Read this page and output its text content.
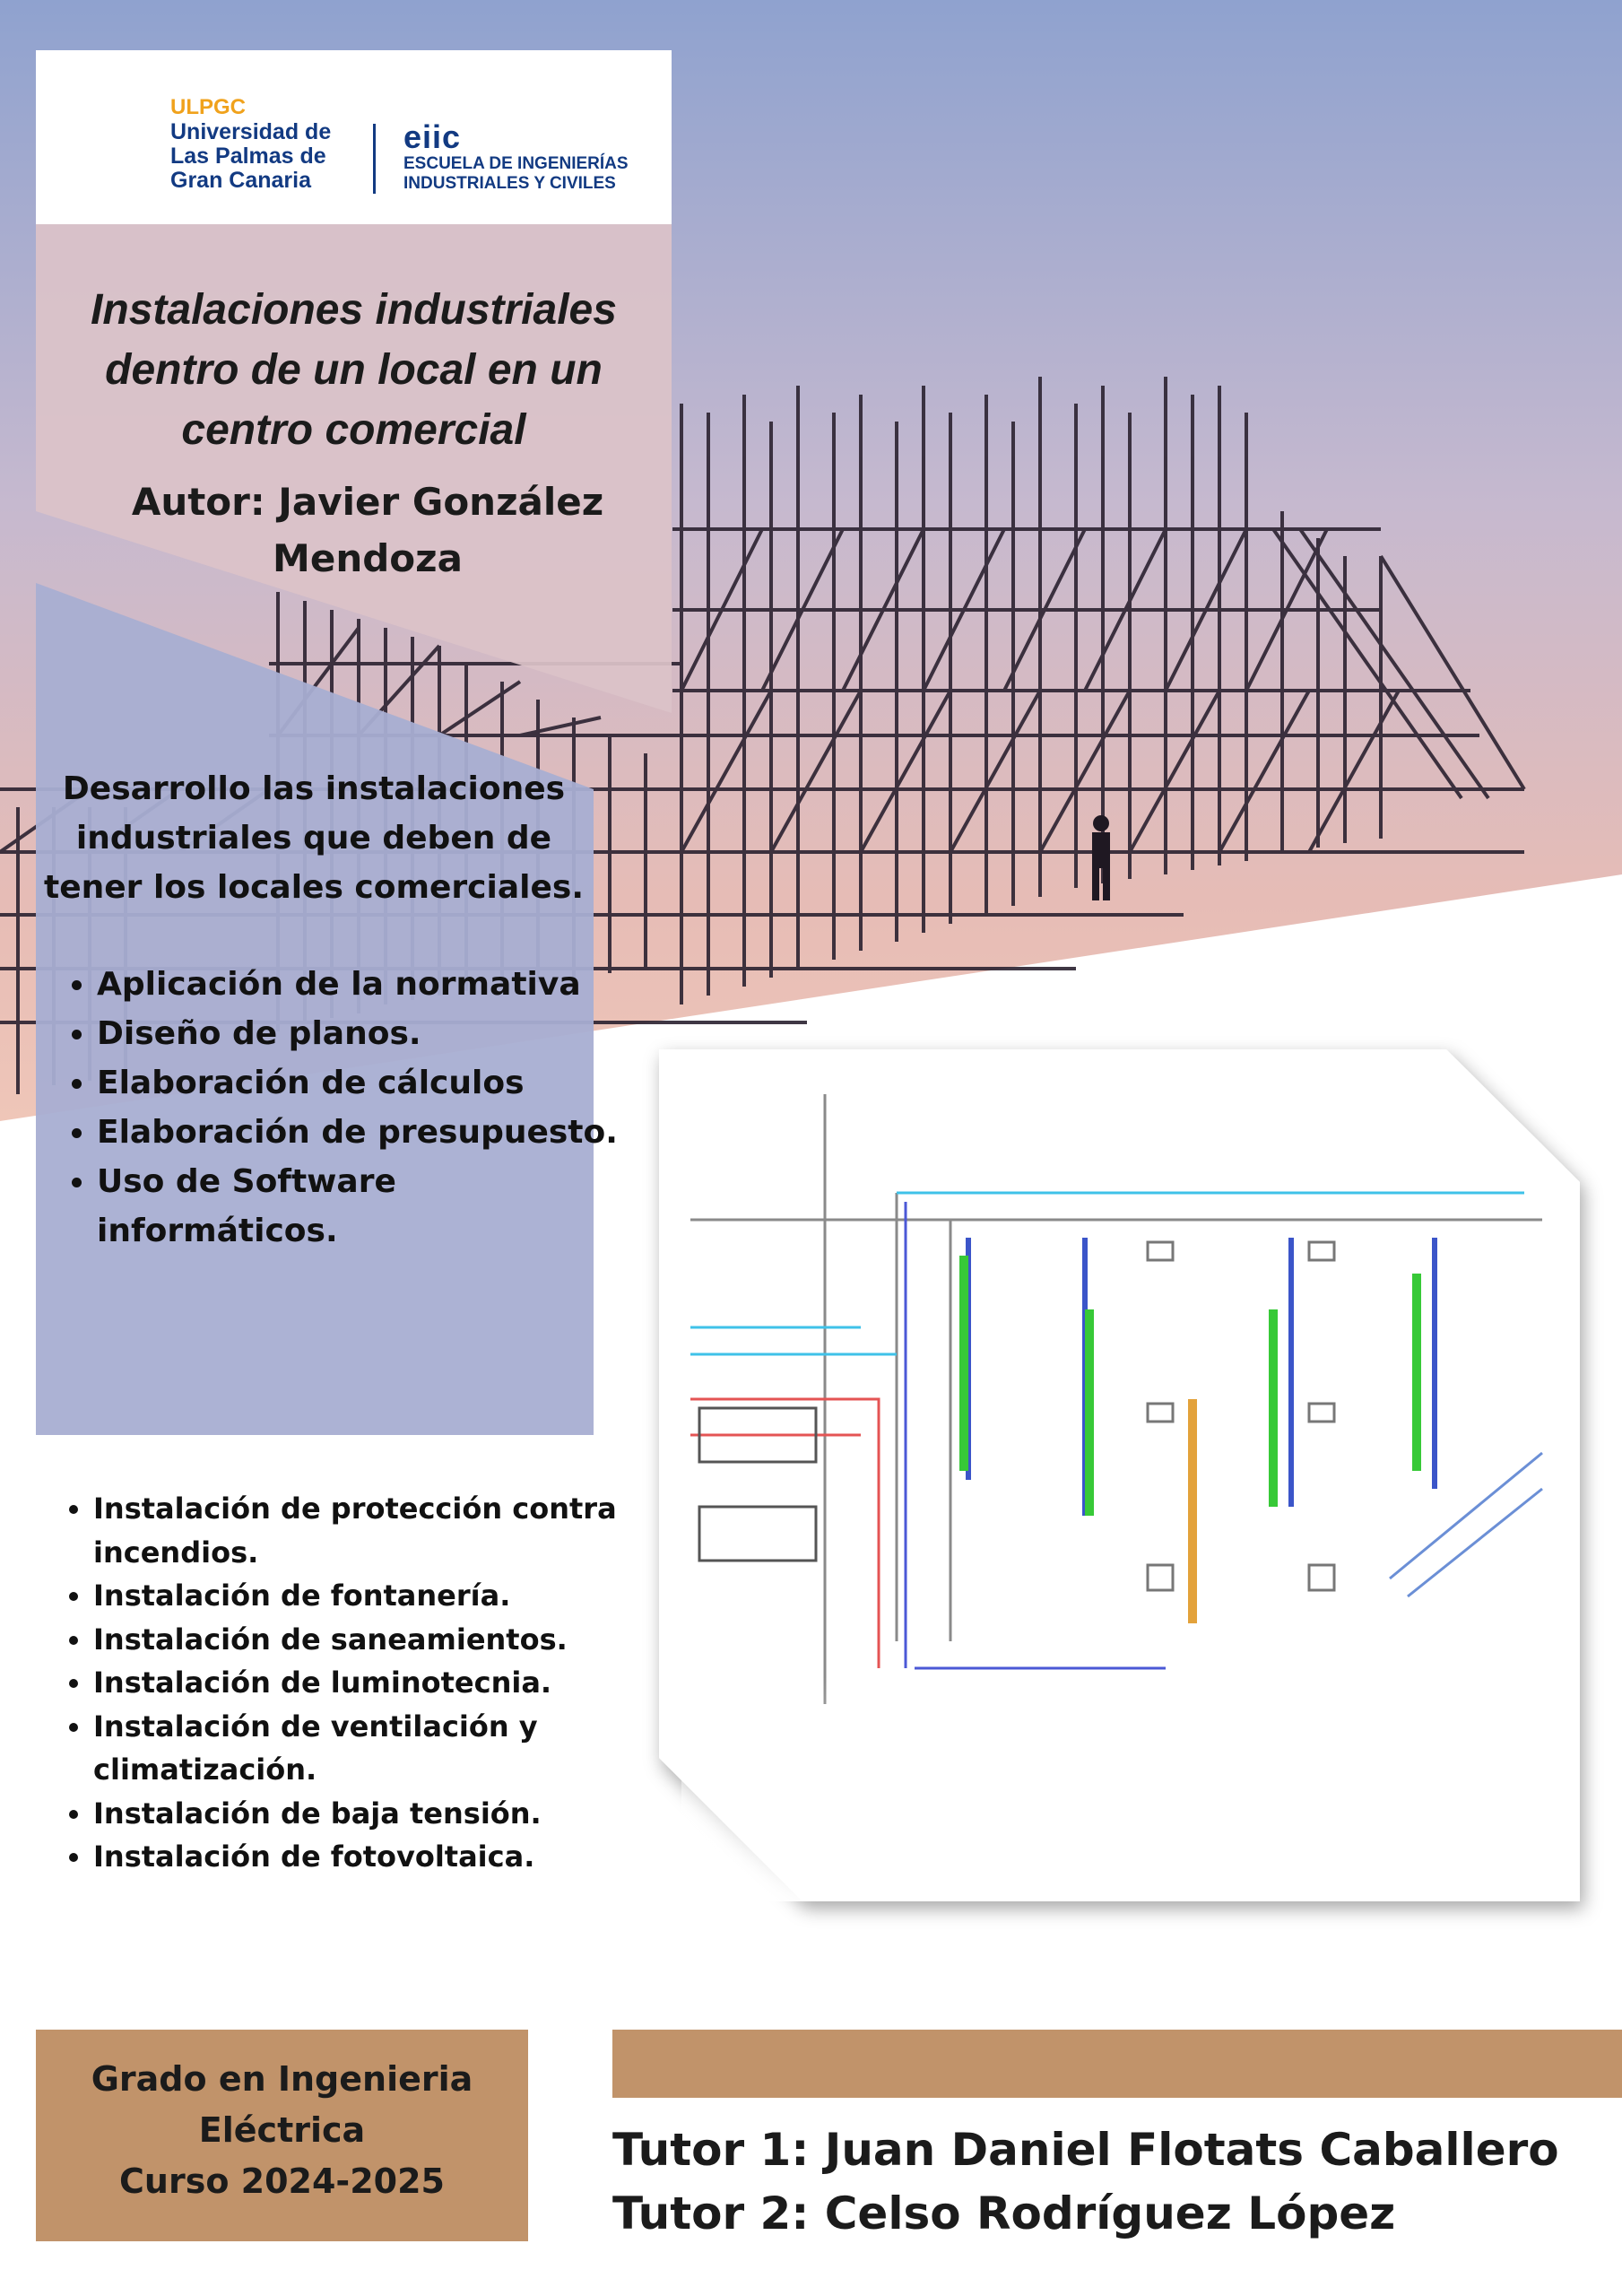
ULPGC
Universidad de
Las Palmas de
Gran Canaria
eiic
ESCUELA DE INGENIERÍAS
INDUSTRIALES Y CIVILES
Instalaciones industriales
dentro de un local en un
centro comercial
Autor: Javier González
Mendoza
Desarrollo las instalaciones
industriales que deben de
tener los locales comerciales.
• Aplicación de la normativa
• Diseño de planos.
• Elaboración de cálculos
• Elaboración de presupuesto.
• Uso de Software informáticos.
• Instalación de protección contra incendios.
• Instalación de fontanería.
• Instalación de saneamientos.
• Instalación de luminotecnia.
• Instalación de ventilación y climatización.
• Instalación de baja tensión.
• Instalación de fotovoltaica.
Grado en Ingenieria
Eléctrica
Curso 2024-2025
Tutor 1: Juan Daniel Flotats Caballero
Tutor 2: Celso Rodríguez López
